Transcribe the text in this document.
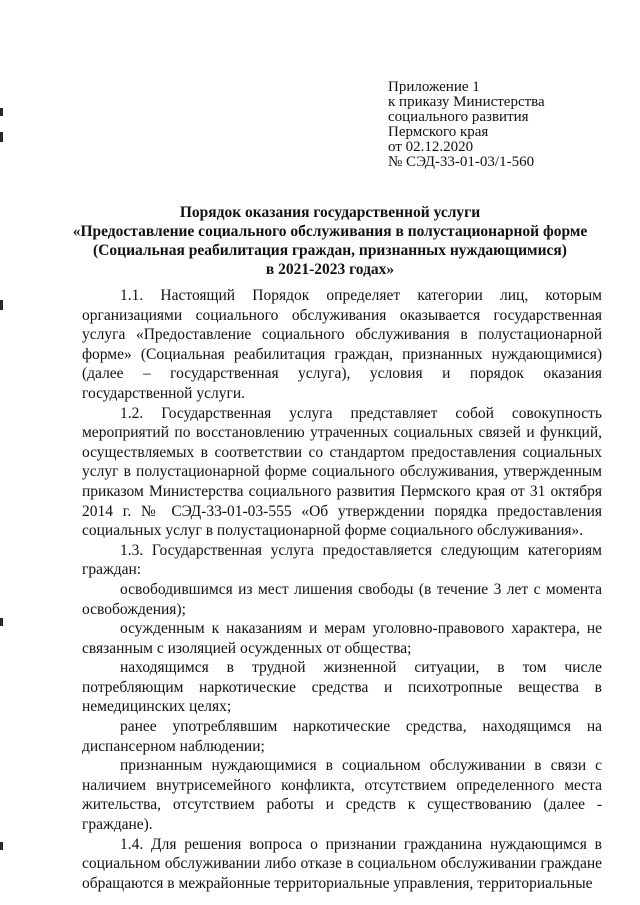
Приложение 1
к приказу Министерства
социального развития
Пермского края
от 02.12.2020
№ СЭД-33-01-03/1-560
Порядок оказания государственной услуги
«Предоставление социального обслуживания в полустационарной форме
(Социальная реабилитация граждан, признанных нуждающимися)
в 2021-2023 годах»

1.1. Настоящий Порядок определяет категории лиц, которым организациями социального обслуживания оказывается государственная услуга «Предоставление социального обслуживания в полустационарной форме» (Социальная реабилитация граждан, признанных нуждающимися) (далее – государственная услуга), условия и порядок оказания государственной услуги.

1.2. Государственная услуга представляет собой совокупность мероприятий по восстановлению утраченных социальных связей и функций, осуществляемых в соответствии со стандартом предоставления социальных услуг в полустационарной форме социального обслуживания, утвержденным приказом Министерства социального развития Пермского края от 31 октября 2014 г. № СЭД-33-01-03-555 «Об утверждении порядка предоставления социальных услуг в полустационарной форме социального обслуживания».

1.3. Государственная услуга предоставляется следующим категориям граждан:

освободившимся из мест лишения свободы (в течение 3 лет с момента освобождения);

осужденным к наказаниям и мерам уголовно-правового характера, не связанным с изоляцией осужденных от общества;

находящимся в трудной жизненной ситуации, в том числе потребляющим наркотические средства и психотропные вещества в немедицинских целях;

ранее употреблявшим наркотические средства, находящимся на диспансерном наблюдении;

признанным нуждающимися в социальном обслуживании в связи с наличием внутрисемейного конфликта, отсутствием определенного места жительства, отсутствием работы и средств к существованию (далее - граждане).

1.4. Для решения вопроса о признании гражданина нуждающимся в социальном обслуживании либо отказе в социальном обслуживании граждане обращаются в межрайонные территориальные управления, территориальные
